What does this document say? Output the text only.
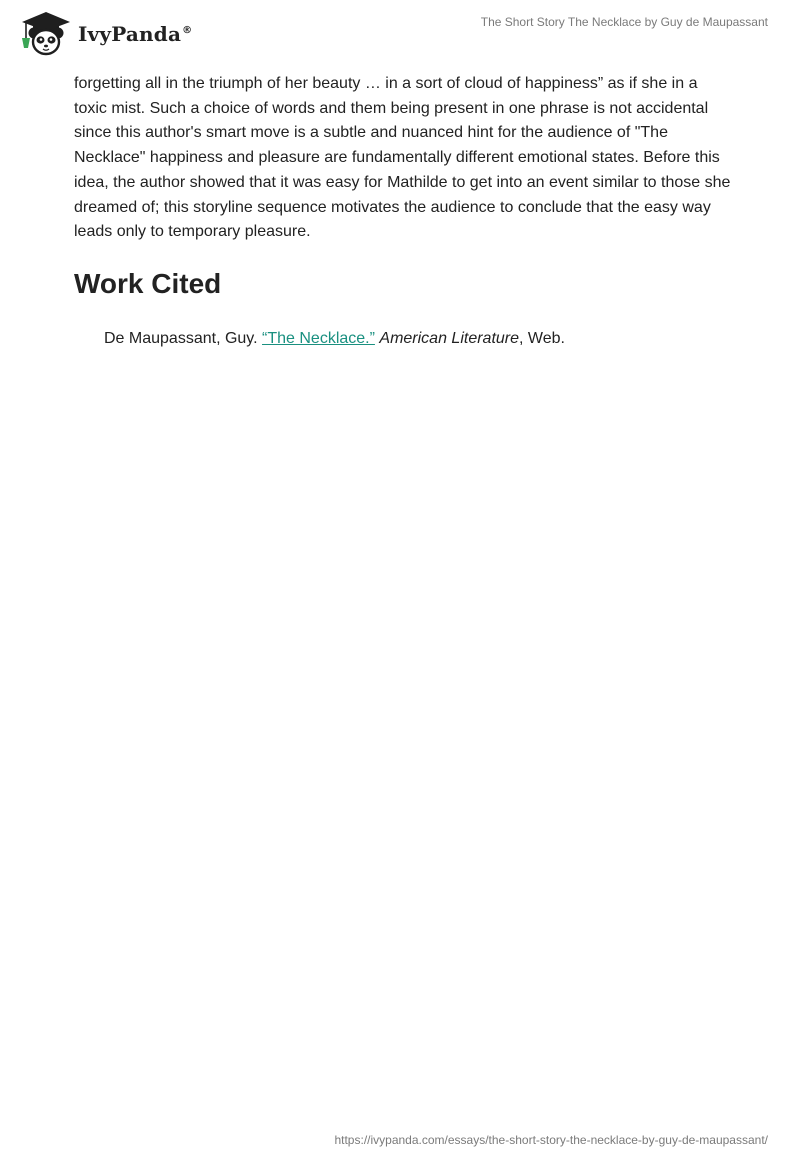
IvyPanda®
The Short Story The Necklace by Guy de Maupassant

forgetting all in the triumph of her beauty … in a sort of cloud of happiness” as if she in a toxic mist. Such a choice of words and them being present in one phrase is not accidental since this author's smart move is a subtle and nuanced hint for the audience of "The Necklace" happiness and pleasure are fundamentally different emotional states. Before this idea, the author showed that it was easy for Mathilde to get into an event similar to those she dreamed of; this storyline sequence motivates the audience to conclude that the easy way leads only to temporary pleasure.

Work Cited

De Maupassant, Guy. “The Necklace.” American Literature, Web.

https://ivypanda.com/essays/the-short-story-the-necklace-by-guy-de-maupassant/
